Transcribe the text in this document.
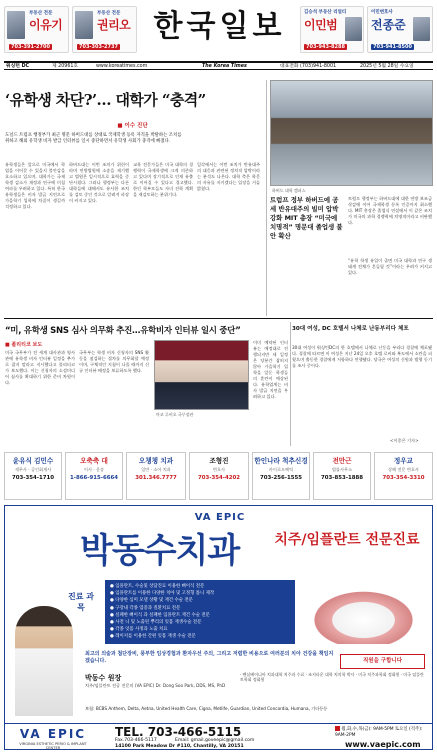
부동산 전문
이유기
703-391-2700
부동산 전문
권리오
703-303-2737
한국일보	김승석 부동산 리얼티
이민범
703-943-8288
이민변호사
전종준
703-941-8500
워싱턴 DC	제 20961호	www.koreatimes.com	The Korea Times	대표전화 (703)941-8001	2025년 5월 28일 수요일
‘유학생 차단?’… 대학가 “충격”
■ 이수 진단
도널드 트럼프 행정부가 최근 명문 하버드대를 상대로 국제학생 등록 자격을 박탈하는 조치를 취하고 해외 유학생 비자 발급 인터뷰를 일시 중단하면서 유학생 사회가 충격에 빠졌다.
유학생들은 앞으로 미국에서 학업을 이어갈 수 있을지 불안감을 호소하고 있으며, 대학가는 국제학생 감소가 재정과 연구에 미칠 여파를 우려하고 있다. 특히 한국 유학생들은 비자 발급 지연으로 가을학기 입학에 차질이 생길까 걱정하고 있다.
하버드대는 이번 조치가 위헌이라며 연방법원에 소송을 제기했고 법원은 일시적으로 효력을 중단시켰다. 그러나 행정부는 다른 대학들에 대해서도 유사한 조치를 검토 중인 것으로 알려져 파장이 커지고 있다.
교육 전문가들은 미국 대학의 경쟁력이 국제학생에 크게 의존하고 있다며 장기적으로 인재 유출로 이어질 수 있다고 경고했다. 한인 학부모들도 자녀 진학 계획을 재검토하는 분위기다.
일각에서는 이번 조치가 반유대주의 대응과 관련된 정치적 압박이라는 분석도 나온다. 대학 측은 학문의 자유를 지키겠다는 입장을 거듭 밝혔다.	하버드 대학 캠퍼스
트럼프 정부 하버드에 공세 반유대주의 빌미 압박 강화 MIT 총장 “미국에 치명적” 명문대 졸업생 불안 확산
트럼프 행정부는 하버드대에 대한 연방 보조금 삭감에 이어 국제학생 등록 인증까지 취소했다. MIT 총장은 졸업식 연설에서 이 같은 조치가 미국의 과학 경쟁력에 치명적이라고 비판했다.
“유학 학생 유입이 줄면 미국 대학과 연구 생태계 전체가 흔들릴 것”이라는 우려가 커지고 있다.
“미, 유학생 SNS 심사 의무화 추진…유학비자 인터뷰 일시 중단”
■ 폴리티코 보도
미국 국무부가 전 세계 대사관과 영사관에 유학생 비자 인터뷰 일정을 추가로 잡지 말라고 지시했다고 폴리티코가 보도했다. 이는 신청자의 소셜미디어 심사를 확대하기 위한 준비 차원이다.
국무부는 학생 비자 신청자의 SNS 활동을 점검하는 절차를 의무화할 예정이며, 구체적인 지침이 나올 때까지 신규 인터뷰 배정을 보류하도록 했다.
마코 루비오 국무장관
이미 예약된 인터뷰는 예정대로 진행되지만 새 일정은 당분간 잡히지 않아 가을학기 입학을 앞둔 학생들의 혼란이 예상된다. 유학업계는 비자 발급 지연을 우려하고 있다.
30대 여성, DC 호텔서 나체로 난동부리다 체포
30대 여성이 워싱턴DC의 한 호텔에서 나체로 난동을 부리다 경찰에 체포됐다. 경찰에 따르면 이 여성은 지난 24일 오후 호텔 로비와 복도에서 소란을 피웠으며 출동한 경찰에게 저항하다 연행됐다. 당국은 여성의 신원과 범행 동기를 조사 중이다.
<이종은 기자>
윤유식 김민수
세무사 · 공인회계사
703-354-1710
오축축 대
이사 · 운송
1-866-915-6664
오챙챙 치과
일반 · 소아 치과
301.346.7777
조형진
변호사
703-354-4202
한인나라 척추신경
카이로프랙틱
703-256-1555
전만근
법률사무소
703-853-1888
정우교
상해 전문 변호사
703-354-3310
VA EPIC
박동수치과	치주/임플란트 전문진료
진료 과목
● 임플란트, 수술및 상담진료 이용한 뼈이식 전문
● 임플란트를 이용한 다양한 치아 및 고정형 틀니 제작
● 다양한 심미 모델 상황 및 재건 수술 전문
● 구강내 각종 염증과 질환치료 전문
● 실패한 뼈이식 과 실패한 임플란트 재건 수술 전문
● 사전 니 및 노출된 뿌리의 잇몸 재생수술 전문
● 각종 잇몸 사정과 노출 치료
● 레이저를 이용한 간편 잇몸 재생 수술 전문
최고의 의술과 첨단장비, 풍부한 임상경험과 환자우선 주의, 그리고 저렴한 비용으로 여러분의 치아 건강을 책임지겠습니다.	직원을 구합니다
박동수 원장
치주/임플란트 전공 전문의 (VA EPIC) Dr. Dong Soo Park, DDS, MS, PhD
· 펜실베이니아 치과대학 치주과 수료 · 조지타운 대학 치의학 박사 · 미국 치주과학회 정회원 · 미국 임플란트학회 정회원
보험: BCBS Anthem, Delta, Aetna, United Health Care, Cigna, Metlife, Guardian, United Concordia, Humana, 기타등등
VA EPIC
VIRGINIA ESTHETIC PERIO & IMPLANT CENTER
TEL. 703-466-5115
Fax.703-466-5117	Email: gmail.goveepic@gmail.com
14100 Park Meadow Dr #110, Chantilly, VA 20151
월,화,수,목(금): 9AM-5PM 토요일 (격주): 9AM-2PM
www.vaepic.com
